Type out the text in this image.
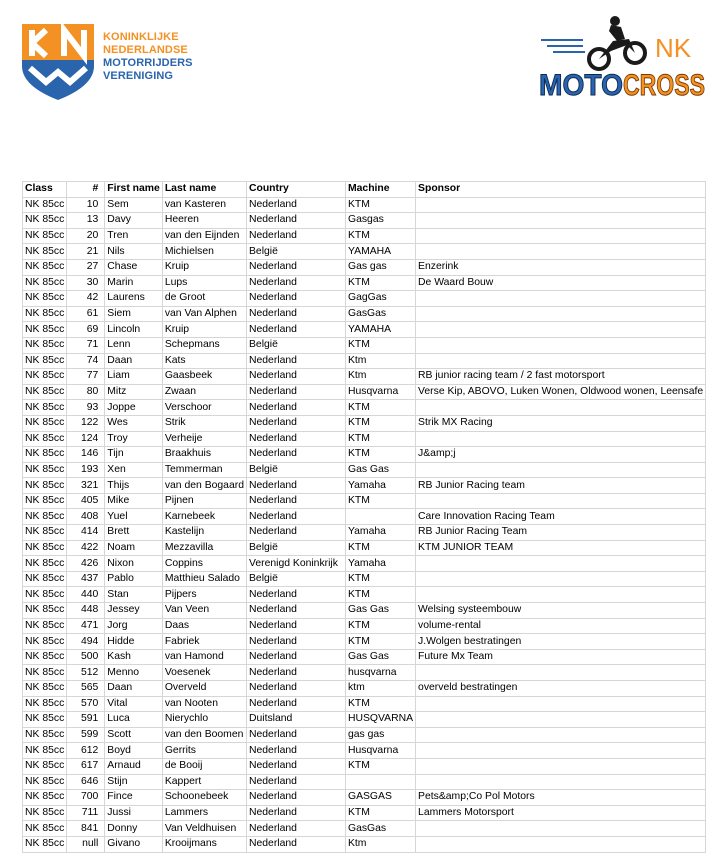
KONINKLIJKE
NEDERLANDSE
MOTORRIJDERS
VERENIGING
NK
MOTO CROSS
Class	#	First name	Last name	Country	Machine	Sponsor
NK 85cc	10	Sem	van Kasteren	Nederland	KTM	
NK 85cc	13	Davy	Heeren	Nederland	Gasgas	
NK 85cc	20	Tren	van den Eijnden	Nederland	KTM	
NK 85cc	21	Nils	Michielsen	België	YAMAHA	
NK 85cc	27	Chase	Kruip	Nederland	Gas gas	Enzerink
NK 85cc	30	Marin	Lups	Nederland	KTM	De Waard Bouw
NK 85cc	42	Laurens	de Groot	Nederland	GagGas	
NK 85cc	61	Siem	van Van Alphen	Nederland	GasGas	
NK 85cc	69	Lincoln	Kruip	Nederland	YAMAHA	
NK 85cc	71	Lenn	Schepmans	België	KTM	
NK 85cc	74	Daan	Kats	Nederland	Ktm	
NK 85cc	77	Liam	Gaasbeek	Nederland	Ktm	RB junior racing team / 2 fast motorsport
NK 85cc	80	Mitz	Zwaan	Nederland	Husqvarna	Verse Kip, ABOVO, Luken Wonen, Oldwood wonen, Leensafe
NK 85cc	93	Joppe	Verschoor	Nederland	KTM	
NK 85cc	122	Wes	Strik	Nederland	KTM	Strik MX Racing
NK 85cc	124	Troy	Verheije	Nederland	KTM	
NK 85cc	146	Tijn	Braakhuis	Nederland	KTM	J&amp;j
NK 85cc	193	Xen	Temmerman	België	Gas Gas	
NK 85cc	321	Thijs	van den Bogaard	Nederland	Yamaha	RB Junior Racing team
NK 85cc	405	Mike	Pijnen	Nederland	KTM	
NK 85cc	408	Yuel	Karnebeek	Nederland		Care Innovation Racing Team
NK 85cc	414	Brett	Kastelijn	Nederland	Yamaha	RB Junior Racing Team
NK 85cc	422	Noam	Mezzavilla	België	KTM	KTM JUNIOR TEAM
NK 85cc	426	Nixon	Coppins	Verenigd Koninkrijk	Yamaha	
NK 85cc	437	Pablo	Matthieu Salado	België	KTM	
NK 85cc	440	Stan	Pijpers	Nederland	KTM	
NK 85cc	448	Jessey	Van Veen	Nederland	Gas Gas	Welsing systeembouw
NK 85cc	471	Jorg	Daas	Nederland	KTM	volume-rental
NK 85cc	494	Hidde	Fabriek	Nederland	KTM	J.Wolgen bestratingen
NK 85cc	500	Kash	van Hamond	Nederland	Gas Gas	Future Mx Team
NK 85cc	512	Menno	Voesenek	Nederland	husqvarna	
NK 85cc	565	Daan	Overveld	Nederland	ktm	overveld bestratingen
NK 85cc	570	Vital	van Nooten	Nederland	KTM	
NK 85cc	591	Luca	Nierychlo	Duitsland	HUSQVARNA	
NK 85cc	599	Scott	van den Boomen	Nederland	gas gas	
NK 85cc	612	Boyd	Gerrits	Nederland	Husqvarna	
NK 85cc	617	Arnaud	de Booij	Nederland	KTM	
NK 85cc	646	Stijn	Kappert	Nederland		
NK 85cc	700	Fince	Schoonebeek	Nederland	GASGAS	Pets&amp;Co Pol Motors
NK 85cc	711	Jussi	Lammers	Nederland	KTM	Lammers Motorsport
NK 85cc	841	Donny	Van Veldhuisen	Nederland	GasGas	
NK 85cc	null	Givano	Krooijmans	Nederland	Ktm	
